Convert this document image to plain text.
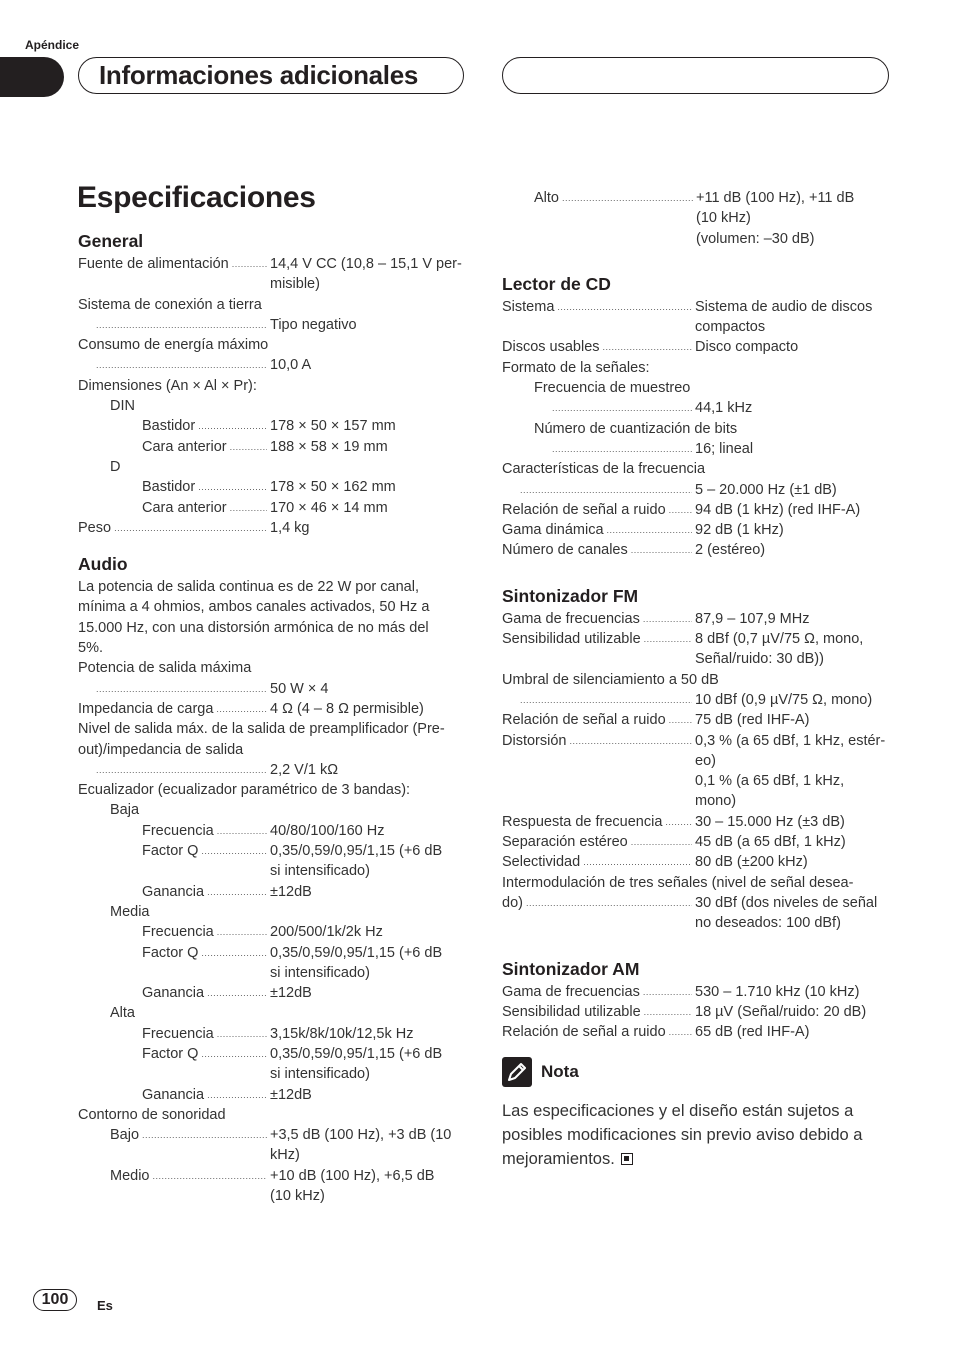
Apéndice
Informaciones adicionales
Especificaciones
General
Fuente de alimentación .....	14,4 V CC (10,8 – 15,1 V per-
misible)
Sistema de conexión a tierra
.....
Tipo negativo
Consumo de energía máximo
.....
10,0 A
Dimensiones (An × Al × Pr):
DIN
Bastidor .....	178 × 50 × 157 mm
Cara anterior .....	188 × 58 × 19 mm
D
Bastidor .....	178 × 50 × 162 mm
Cara anterior .....	170 × 46 × 14 mm
Peso .....	1,4 kg
Audio
La potencia de salida continua es de 22 W por canal,
mínima a 4 ohmios, ambos canales activados, 50 Hz a
15.000 Hz, con una distorsión armónica de no más del
5%.
Potencia de salida máxima
.....
50 W × 4
Impedancia de carga .....	4 Ω (4 – 8 Ω permisible)
Nivel de salida máx. de la salida de preamplificador (Pre-
out)/impedancia de salida
.....
2,2 V/1 kΩ
Ecualizador (ecualizador paramétrico de 3 bandas):
Baja
Frecuencia .....	40/80/100/160 Hz
Factor Q .....	0,35/0,59/0,95/1,15 (+6 dB
si intensificado)
Ganancia .....	±12dB
Media
Frecuencia .....	200/500/1k/2k Hz
Factor Q .....	0,35/0,59/0,95/1,15 (+6 dB
si intensificado)
Ganancia .....	±12dB
Alta
Frecuencia .....	3,15k/8k/10k/12,5k Hz
Factor Q .....	0,35/0,59/0,95/1,15 (+6 dB
si intensificado)
Ganancia .....	±12dB
Contorno de sonoridad
Bajo .....	+3,5 dB (100 Hz), +3 dB (10
kHz)
Medio .....	+10 dB (100 Hz), +6,5 dB
(10 kHz)
Alto .....	+11 dB (100 Hz), +11 dB
(10 kHz)
(volumen: –30 dB)
Lector de CD
Sistema .....	Sistema de audio de discos
compactos
Discos usables .....	Disco compacto
Formato de la señales:
Frecuencia de muestreo
.....
44,1 kHz
Número de cuantización de bits
.....
16; lineal
Características de la frecuencia
.....
5 – 20.000 Hz (±1 dB)
Relación de señal a ruido ..... 94 dB (1 kHz) (red IHF-A)
Gama dinámica .....	92 dB (1 kHz)
Número de canales .....	2 (estéreo)
Sintonizador FM
Gama de frecuencias .....	87,9 – 107,9 MHz
Sensibilidad utilizable .....	8 dBf (0,7 µV/75 Ω, mono,
Señal/ruido: 30 dB))
Umbral de silenciamiento a 50 dB
.....
10 dBf (0,9 µV/75 Ω, mono)
Relación de señal a ruido ..... 75 dB (red IHF-A)
Distorsión .....	0,3 % (a 65 dBf, 1 kHz, estér-
eo)
0,1 % (a 65 dBf, 1 kHz,
mono)
Respuesta de frecuencia ..... 30 – 15.000 Hz (±3 dB)
Separación estéreo .....	45 dB (a 65 dBf, 1 kHz)
Selectividad .....	80 dB (±200 kHz)
Intermodulación de tres señales (nivel de señal desea-
do) .....	30 dBf (dos niveles de señal
no deseados: 100 dBf)
Sintonizador AM
Gama de frecuencias .....	530 – 1.710 kHz (10 kHz)
Sensibilidad utilizable .....	18 µV (Señal/ruido: 20 dB)
Relación de señal a ruido ..... 65 dB (red IHF-A)
Nota
Las especificaciones y el diseño están sujetos a posibles modificaciones sin previo aviso debido a mejoramientos.
100	Es
